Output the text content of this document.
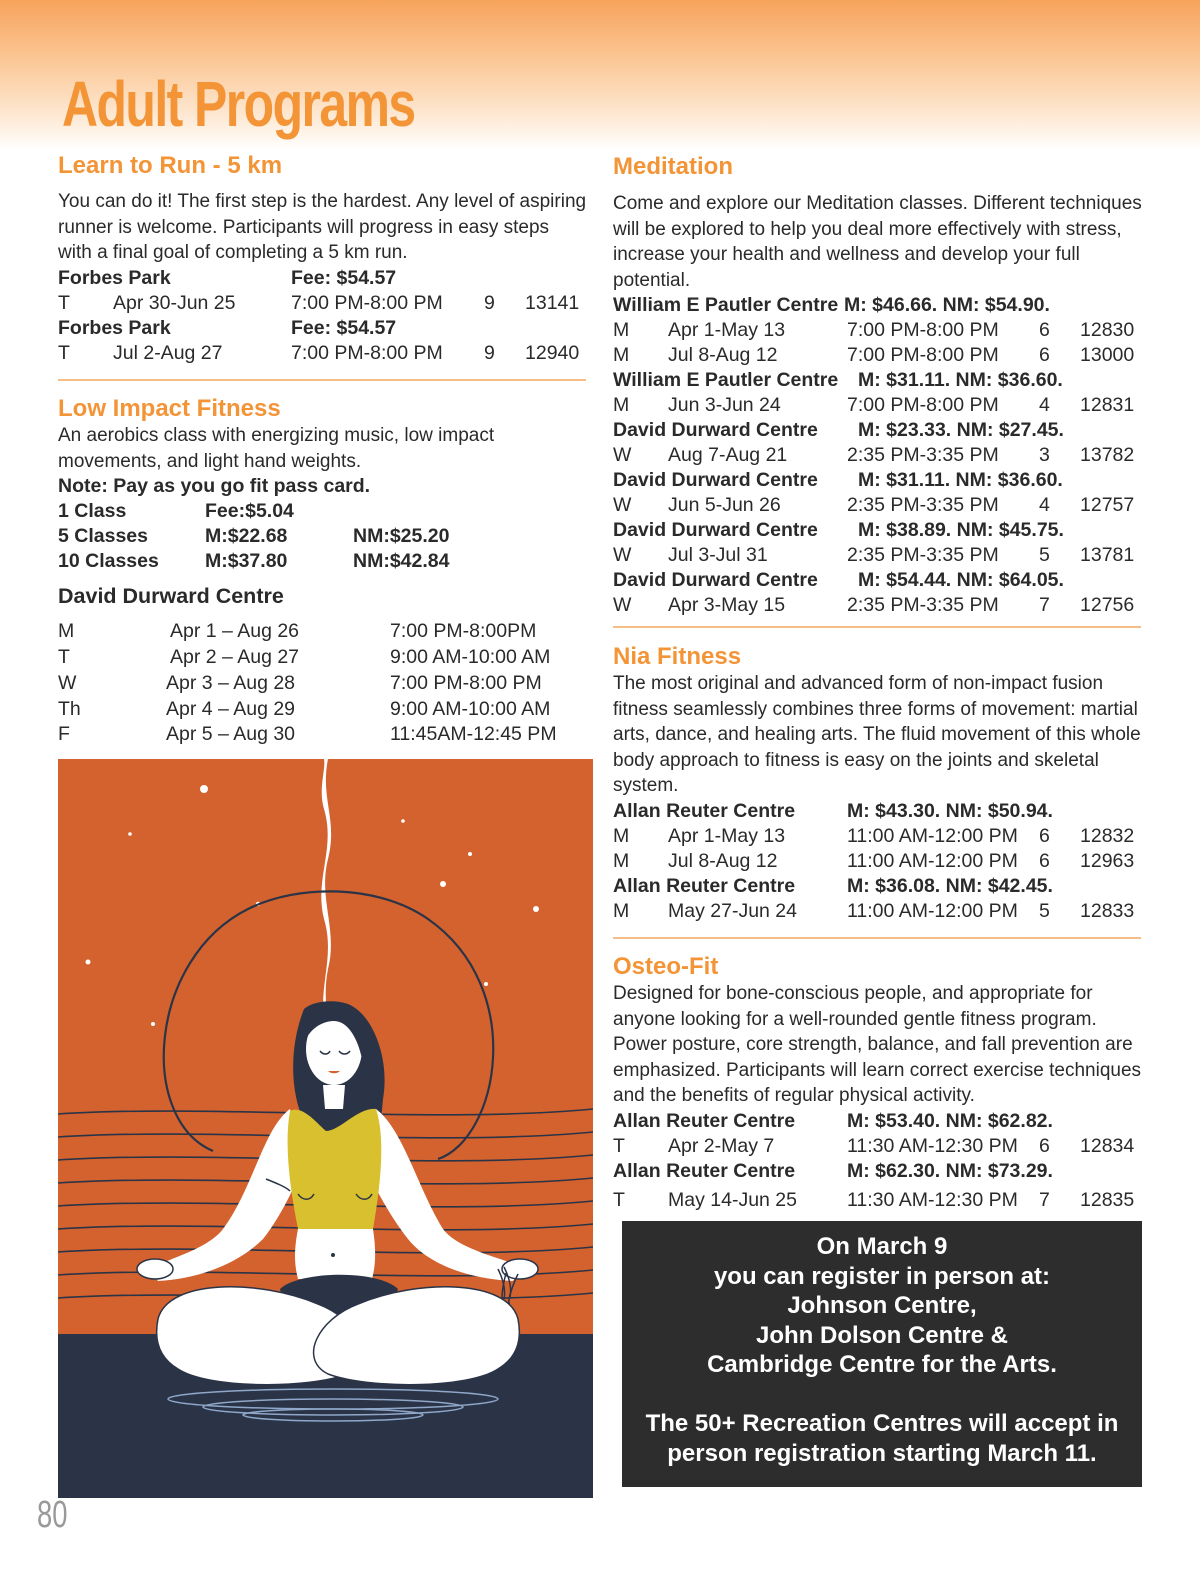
Adult Programs
Learn to Run - 5 km

You can do it! The first step is the hardest. Any level of aspiring runner is welcome. Participants will progress in easy steps with a final goal of completing a 5 km run.

Forbes Park	Fee: $54.57
T Apr 30-Jun 25	7:00 PM-8:00 PM 9 13141
Forbes Park	Fee: $54.57
T Jul 2-Aug 27	7:00 PM-8:00 PM 9 12940
Low Impact Fitness

An aerobics class with energizing music, low impact movements, and light hand weights.

Note: Pay as you go fit pass card.
1 Class	Fee:$5.04
5 Classes	M:$22.68	NM:$25.20
10 Classes M:$37.80	NM:$42.84
David Durward Centre
M	Apr 1 – Aug 26	7:00 PM-8:00PM
T	Apr 2 – Aug 27	9:00 AM-10:00 AM
W	Apr 3 – Aug 28	7:00 PM-8:00 PM
Th	Apr 4 – Aug 29	9:00 AM-10:00 AM
F	Apr 5 – Aug 30	11:45AM-12:45 PM
Meditation

Come and explore our Meditation classes. Different techniques will be explored to help you deal more effectively with stress, increase your health and wellness and develop your full potential.

William E Pautler Centre M: $46.66. NM: $54.90.
M Apr 1-May 13	7:00 PM-8:00 PM 6 12830
M Jul 8-Aug 12	7:00 PM-8:00 PM 6 13000
William E Pautler Centre M: $31.11. NM: $36.60.
M Jun 3-Jun 24	7:00 PM-8:00 PM 4 12831
David Durward Centre M: $23.33. NM: $27.45.
W Aug 7-Aug 21	2:35 PM-3:35 PM 3 13782
David Durward Centre M: $31.11. NM: $36.60.
W Jun 5-Jun 26	2:35 PM-3:35 PM 4 12757
David Durward Centre M: $38.89. NM: $45.75.
W Jul 3-Jul 31	2:35 PM-3:35 PM 5 13781
David Durward Centre M: $54.44. NM: $64.05.
W Apr 3-May 15	2:35 PM-3:35 PM 7 12756
Nia Fitness

The most original and advanced form of non-impact fusion fitness seamlessly combines three forms of movement: martial arts, dance, and healing arts. The fluid movement of this whole body approach to fitness is easy on the joints and skeletal system.

Allan Reuter Centre	M: $43.30. NM: $50.94.
M Apr 1-May 13	11:00 AM-12:00 PM 6 12832
M Jul 8-Aug 12	11:00 AM-12:00 PM 6 12963
Allan Reuter Centre	M: $36.08. NM: $42.45.
M May 27-Jun 24	11:00 AM-12:00 PM 5 12833
Osteo-Fit

Designed for bone-conscious people, and appropriate for anyone looking for a well-rounded gentle fitness program. Power posture, core strength, balance, and fall prevention are emphasized. Participants will learn correct exercise techniques and the benefits of regular physical activity.

Allan Reuter Centre	M: $53.40. NM: $62.82.
T Apr 2-May 7	11:30 AM-12:30 PM 6 12834
Allan Reuter Centre	M: $62.30. NM: $73.29.
T May 14-Jun 25	11:30 AM-12:30 PM 7 12835
On March 9
you can register in person at:
Johnson Centre,
John Dolson Centre &
Cambridge Centre for the Arts.
The 50+ Recreation Centres will accept in
person registration starting March 11.
80
